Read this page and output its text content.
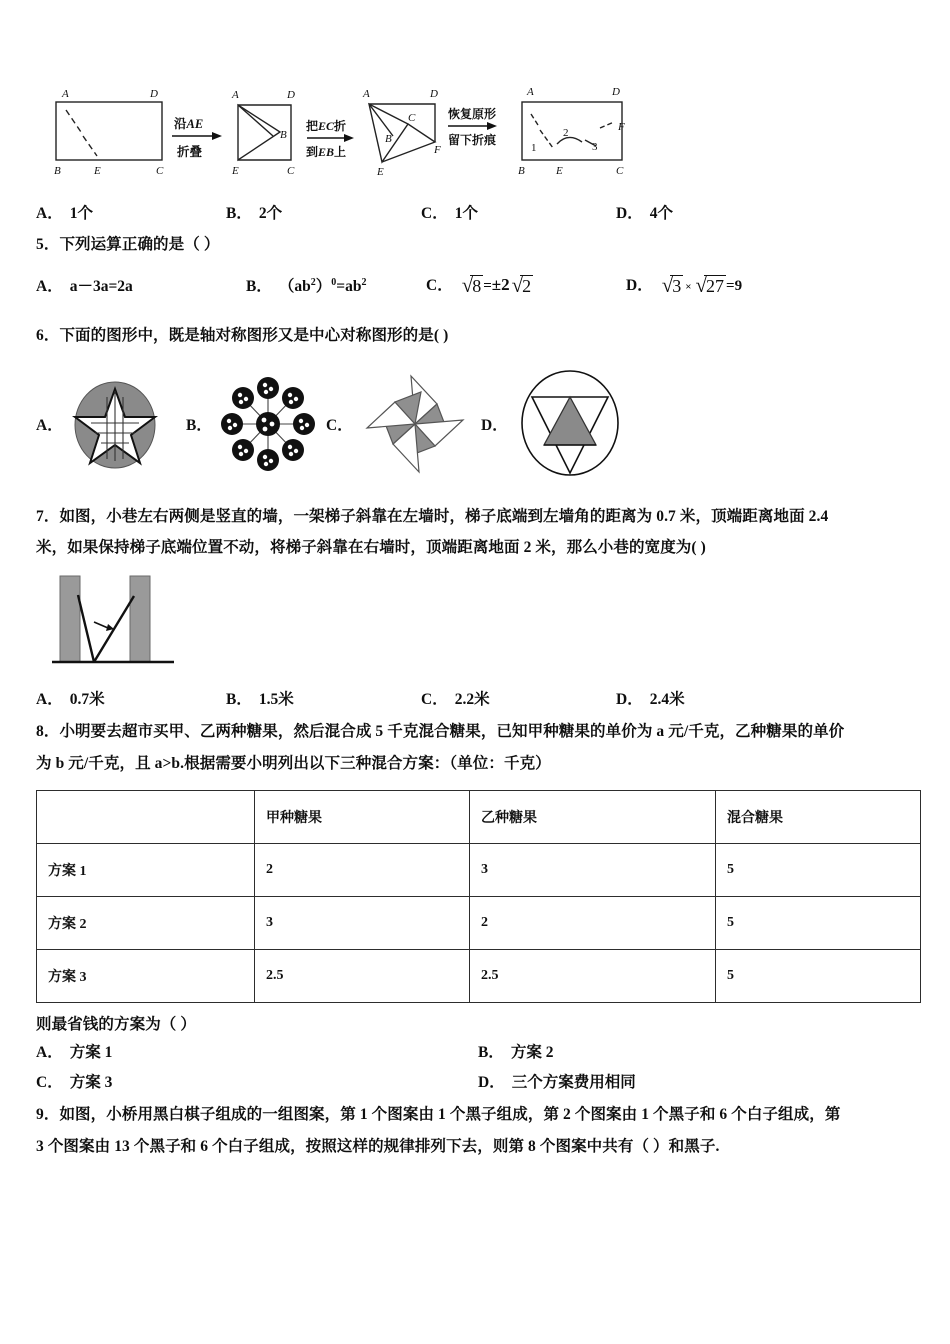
A	D
B	E	C
沿AE
折叠
A	D
B
E	C
把EC折
到EB上
A	D
C
B
E
F
恢复原形
留下折痕
A	D
B	E	C
F
1
2
3
A． 1个	B． 2个	C． 1个	D． 4个
5．下列运算正确的是（ ）
A． a－3a=2a	B． $(ab^2)^0=ab^2$	C． √8 =±2√2	D． √3 × √27 =9
6．下面的图形中，既是轴对称图形又是中心对称图形的是( )
A．	B．	C．	D．
7．如图，小巷左右两侧是竖直的墙，一架梯子斜靠在左墙时，梯子底端到左墙角的距离为 0.7 米，顶端距离地面 2.4
米，如果保持梯子底端位置不动，将梯子斜靠在右墙时，顶端距离地面 2 米，那么小巷的宽度为( )
A． 0.7米	B． 1.5米	C． 2.2米	D． 2.4米
8．小明要去超市买甲、乙两种糖果，然后混合成 5 千克混合糖果，已知甲种糖果的单价为 a 元/千克，乙种糖果的单价
为 b 元/千克，且 a>b.根据需要小明列出以下三种混合方案：（单位：千克）
	甲种糖果	乙种糖果	混合糖果
方案 1	2	3	5
方案 2	3	2	5
方案 3	2.5	2.5	5
则最省钱的方案为（ ）
A． 方案 1	B． 方案 2
C． 方案 3	D． 三个方案费用相同
9．如图，小桥用黑白棋子组成的一组图案，第 1 个图案由 1 个黑子组成，第 2 个图案由 1 个黑子和 6 个白子组成，第
3 个图案由 13 个黑子和 6 个白子组成，按照这样的规律排列下去，则第 8 个图案中共有（ ）和黑子.
